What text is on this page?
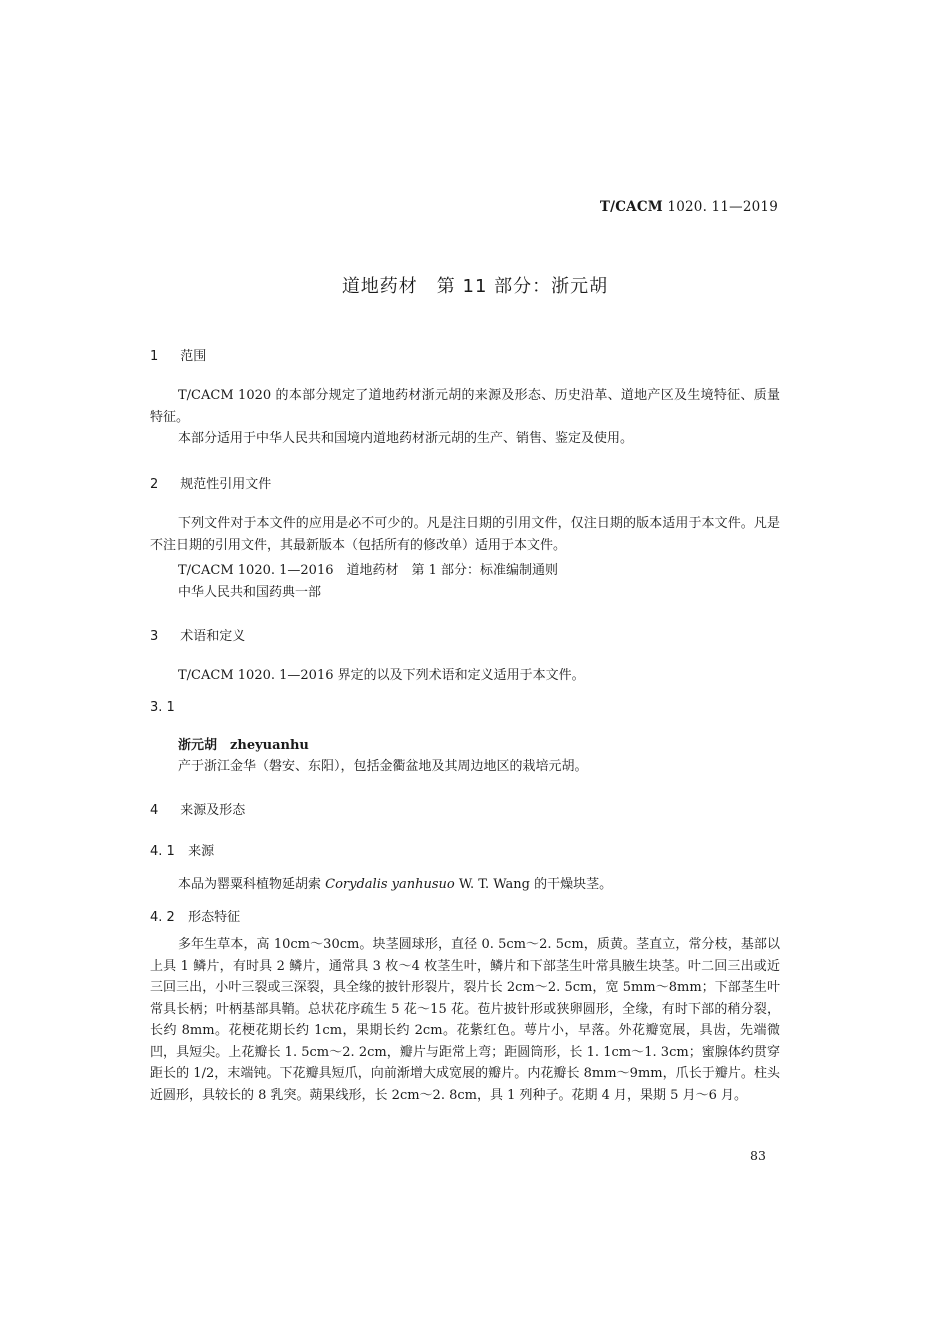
T/CACM 1020. 11—2019
道地药材　第 11 部分：浙元胡
1 范围
T/CACM 1020 的本部分规定了道地药材浙元胡的来源及形态、历史沿革、道地产区及生境特征、质量特征。
本部分适用于中华人民共和国境内道地药材浙元胡的生产、销售、鉴定及使用。
2 规范性引用文件
下列文件对于本文件的应用是必不可少的。凡是注日期的引用文件，仅注日期的版本适用于本文件。凡是不注日期的引用文件，其最新版本（包括所有的修改单）适用于本文件。
T/CACM 1020. 1—2016　道地药材　第 1 部分：标准编制通则
中华人民共和国药典一部
3 术语和定义
T/CACM 1020. 1—2016 界定的以及下列术语和定义适用于本文件。
3. 1
浙元胡　zheyuanhu
产于浙江金华（磐安、东阳），包括金衢盆地及其周边地区的栽培元胡。
4 来源及形态
4. 1 来源
本品为罂粟科植物延胡索 Corydalis yanhusuo W. T. Wang 的干燥块茎。
4. 2 形态特征
多年生草本，高 10cm～30cm。块茎圆球形，直径 0. 5cm～2. 5cm，质黄。茎直立，常分枝，基部以上具 1 鳞片，有时具 2 鳞片，通常具 3 枚～4 枚茎生叶，鳞片和下部茎生叶常具腋生块茎。叶二回三出或近三回三出，小叶三裂或三深裂，具全缘的披针形裂片，裂片长 2cm～2. 5cm，宽 5mm～8mm；下部茎生叶常具长柄；叶柄基部具鞘。总状花序疏生 5 花～15 花。苞片披针形或狭卵圆形，全缘，有时下部的稍分裂，长约 8mm。花梗花期长约 1cm，果期长约 2cm。花紫红色。萼片小，早落。外花瓣宽展，具齿，先端微凹，具短尖。上花瓣长 1. 5cm～2. 2cm，瓣片与距常上弯；距圆筒形，长 1. 1cm～1. 3cm；蜜腺体约贯穿距长的 1/2，末端钝。下花瓣具短爪，向前渐增大成宽展的瓣片。内花瓣长 8mm～9mm，爪长于瓣片。柱头近圆形，具较长的 8 乳突。蒴果线形，长 2cm～2. 8cm，具 1 列种子。花期 4 月，果期 5 月～6 月。
83
